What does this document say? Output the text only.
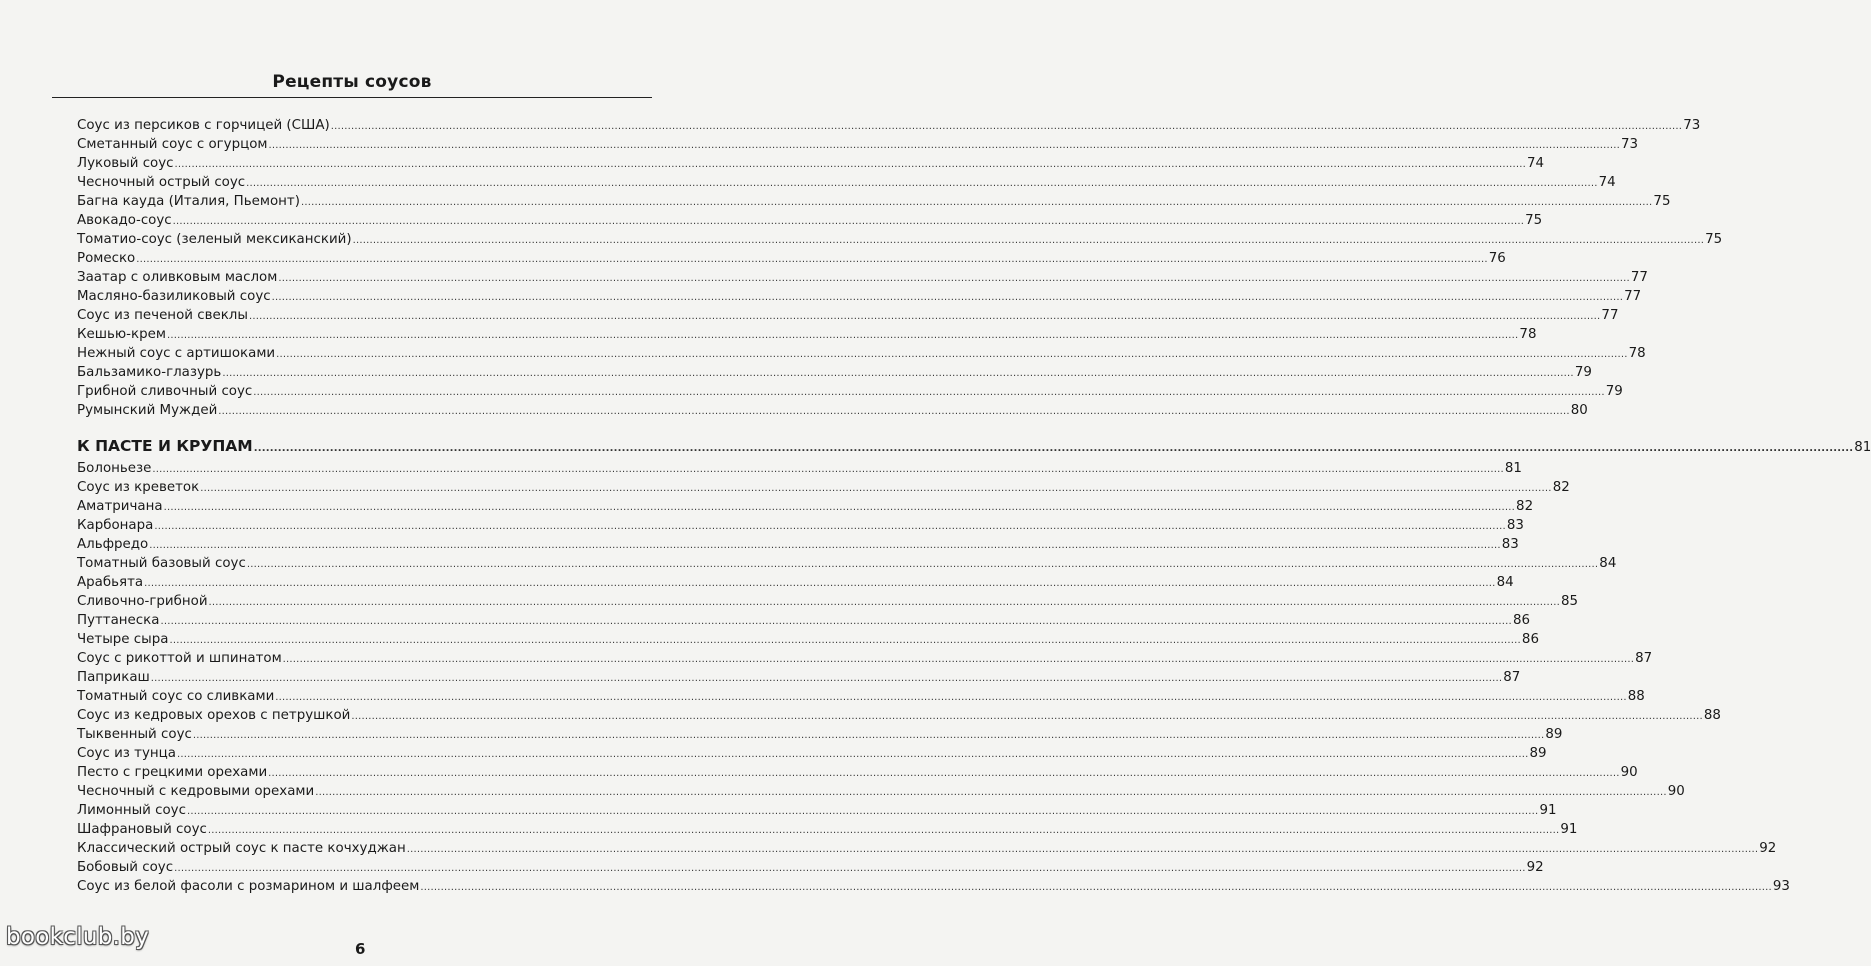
Рецепты соусов
Соус из персиков с горчицей (США) ................................................................................................................................................................................................................................................................................................................................................................................................................ 73
Сметанный соус с огурцом ................................................................................................................................................................................................................................................................................................................................................................................................................ 73
Луковый соус ................................................................................................................................................................................................................................................................................................................................................................................................................ 74
Чесночный острый соус ................................................................................................................................................................................................................................................................................................................................................................................................................ 74
Багна кауда (Италия, Пьемонт) ................................................................................................................................................................................................................................................................................................................................................................................................................ 75
Авокадо-соус ................................................................................................................................................................................................................................................................................................................................................................................................................ 75
Томатио-соус (зеленый мексиканский) ................................................................................................................................................................................................................................................................................................................................................................................................................ 75
Ромеско ................................................................................................................................................................................................................................................................................................................................................................................................................ 76
Заатар с оливковым маслом ................................................................................................................................................................................................................................................................................................................................................................................................................ 77
Масляно-базиликовый соус ................................................................................................................................................................................................................................................................................................................................................................................................................ 77
Соус из печеной свеклы ................................................................................................................................................................................................................................................................................................................................................................................................................ 77
Кешью-крем ................................................................................................................................................................................................................................................................................................................................................................................................................ 78
Нежный соус с артишоками ................................................................................................................................................................................................................................................................................................................................................................................................................ 78
Бальзамико-глазурь ................................................................................................................................................................................................................................................................................................................................................................................................................ 79
Грибной сливочный соус ................................................................................................................................................................................................................................................................................................................................................................................................................ 79
Румынский Муждей ................................................................................................................................................................................................................................................................................................................................................................................................................ 80
К ПАСТЕ И КРУПАМ ................................................................................................................................................................................................................................................................................................................................................................................................................ 81
Болоньезе ................................................................................................................................................................................................................................................................................................................................................................................................................ 81
Соус из креветок ................................................................................................................................................................................................................................................................................................................................................................................................................ 82
Аматричана ................................................................................................................................................................................................................................................................................................................................................................................................................ 82
Карбонара ................................................................................................................................................................................................................................................................................................................................................................................................................ 83
Альфредо ................................................................................................................................................................................................................................................................................................................................................................................................................ 83
Томатный базовый соус ................................................................................................................................................................................................................................................................................................................................................................................................................ 84
Арабьята ................................................................................................................................................................................................................................................................................................................................................................................................................ 84
Сливочно-грибной ................................................................................................................................................................................................................................................................................................................................................................................................................ 85
Путтанеска ................................................................................................................................................................................................................................................................................................................................................................................................................ 86
Четыре сыра ................................................................................................................................................................................................................................................................................................................................................................................................................ 86
Соус с рикоттой и шпинатом ................................................................................................................................................................................................................................................................................................................................................................................................................ 87
Паприкаш ................................................................................................................................................................................................................................................................................................................................................................................................................ 87
Томатный соус со сливками ................................................................................................................................................................................................................................................................................................................................................................................................................ 88
Соус из кедровых орехов с петрушкой ................................................................................................................................................................................................................................................................................................................................................................................................................ 88
Тыквенный соус ................................................................................................................................................................................................................................................................................................................................................................................................................ 89
Соус из тунца ................................................................................................................................................................................................................................................................................................................................................................................................................ 89
Песто с грецкими орехами ................................................................................................................................................................................................................................................................................................................................................................................................................ 90
Чесночный с кедровыми орехами ................................................................................................................................................................................................................................................................................................................................................................................................................ 90
Лимонный соус ................................................................................................................................................................................................................................................................................................................................................................................................................ 91
Шафрановый соус ................................................................................................................................................................................................................................................................................................................................................................................................................ 91
Классический острый соус к пасте кочхуджан ................................................................................................................................................................................................................................................................................................................................................................................................................ 92
Бобовый соус ................................................................................................................................................................................................................................................................................................................................................................................................................ 92
Соус из белой фасоли с розмарином и шалфеем ................................................................................................................................................................................................................................................................................................................................................................................................................ 93
bookclub.by	6
